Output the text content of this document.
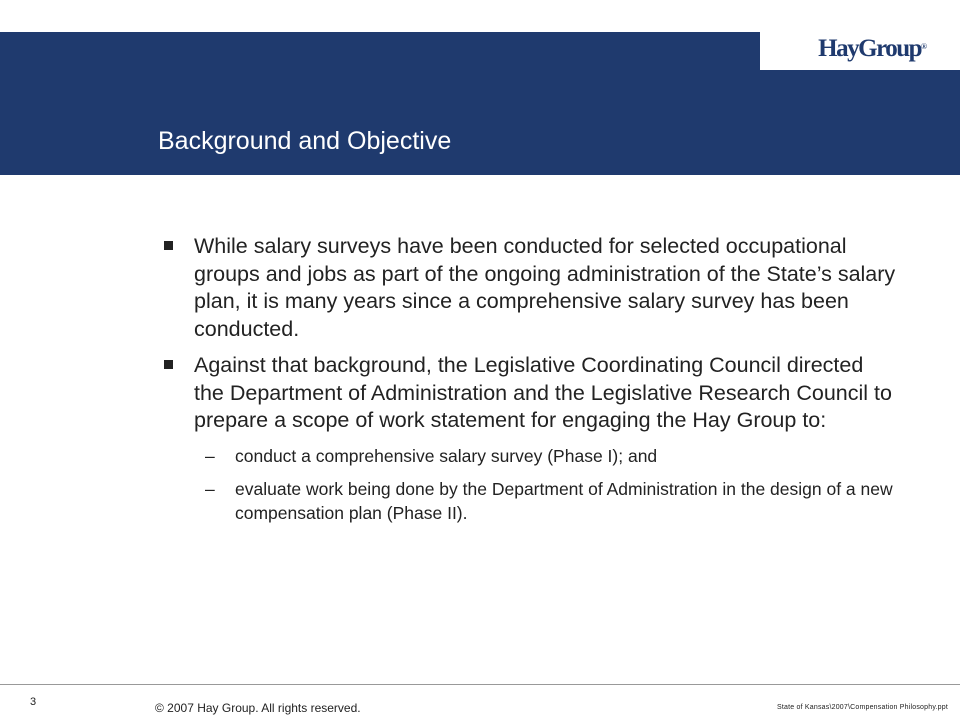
HayGroup®
Background and Objective
While salary surveys have been conducted for selected occupational groups and jobs as part of the ongoing administration of the State’s salary plan, it is many years since a comprehensive salary survey has been conducted.
Against that background, the Legislative Coordinating Council directed the Department of Administration and the Legislative Research Council to prepare a scope of work statement for engaging the Hay Group to:
– conduct a comprehensive salary survey (Phase I); and
– evaluate work being done by the Department of Administration in the design of a new compensation plan (Phase II).
3	© 2007 Hay Group. All rights reserved.	State of Kansas\2007\Compensation Philosophy.ppt
